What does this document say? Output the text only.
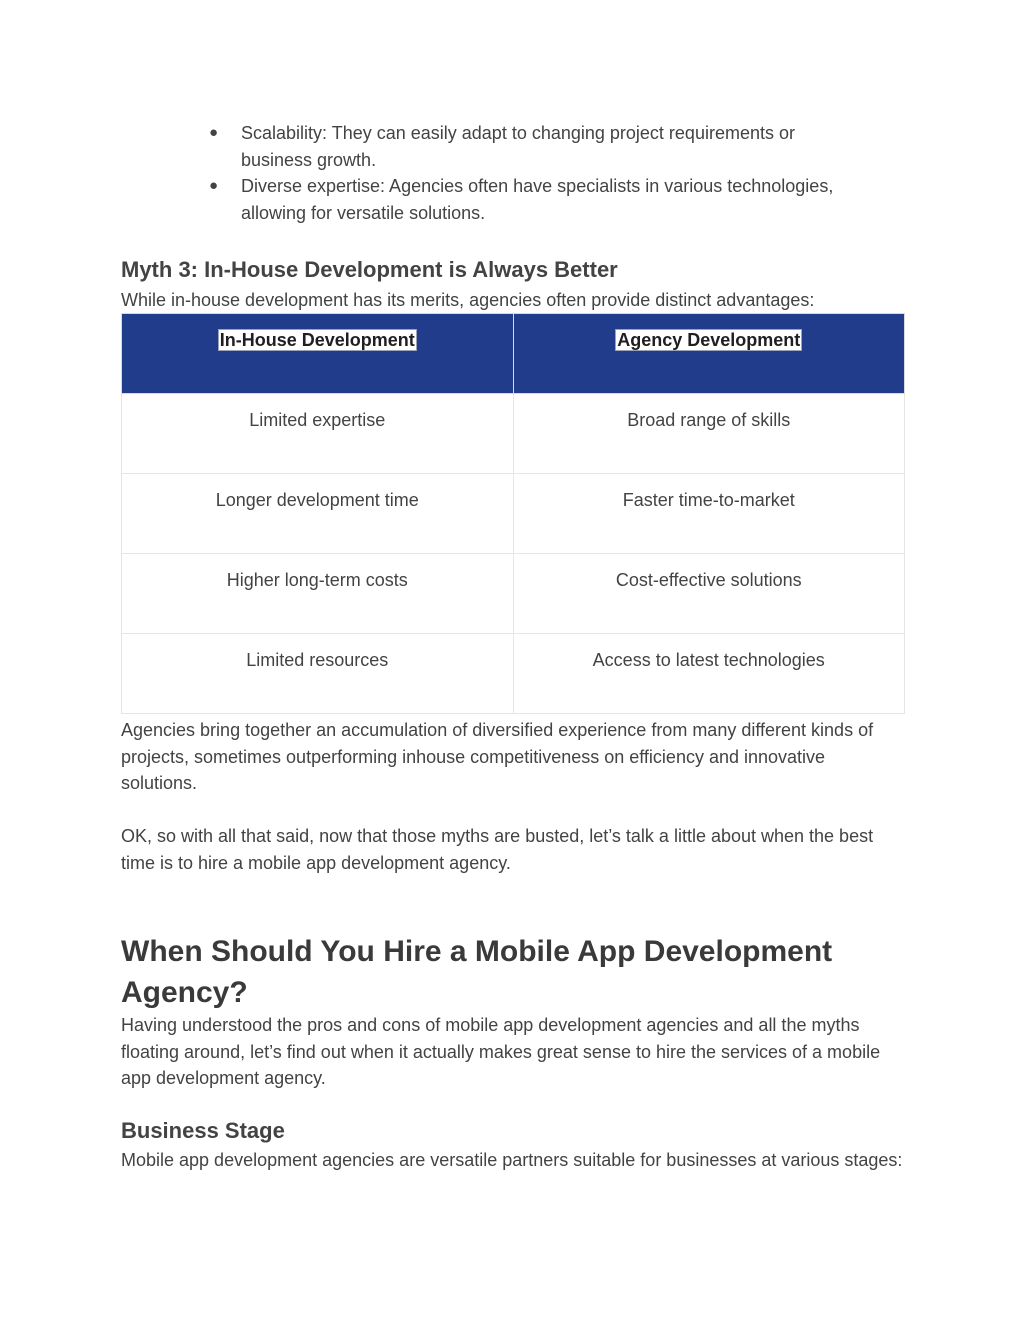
● Scalability: They can easily adapt to changing project requirements or
business growth.
● Diverse expertise: Agencies often have specialists in various technologies,
allowing for versatile solutions.
Myth 3: In-House Development is Always Better

While in-house development has its merits, agencies often provide distinct advantages:

In-House Development	Agency Development
Limited expertise	Broad range of skills
Longer development time	Faster time-to-market
Higher long-term costs	Cost-effective solutions
Limited resources	Access to latest technologies

Agencies bring together an accumulation of diversified experience from many different kinds of projects, sometimes outperforming inhouse competitiveness on efficiency and innovative solutions.

OK, so with all that said, now that those myths are busted, let’s talk a little about when the best time is to hire a mobile app development agency.

When Should You Hire a Mobile App Development Agency?

Having understood the pros and cons of mobile app development agencies and all the myths floating around, let’s find out when it actually makes great sense to hire the services of a mobile app development agency.

Business Stage

Mobile app development agencies are versatile partners suitable for businesses at various stages:
